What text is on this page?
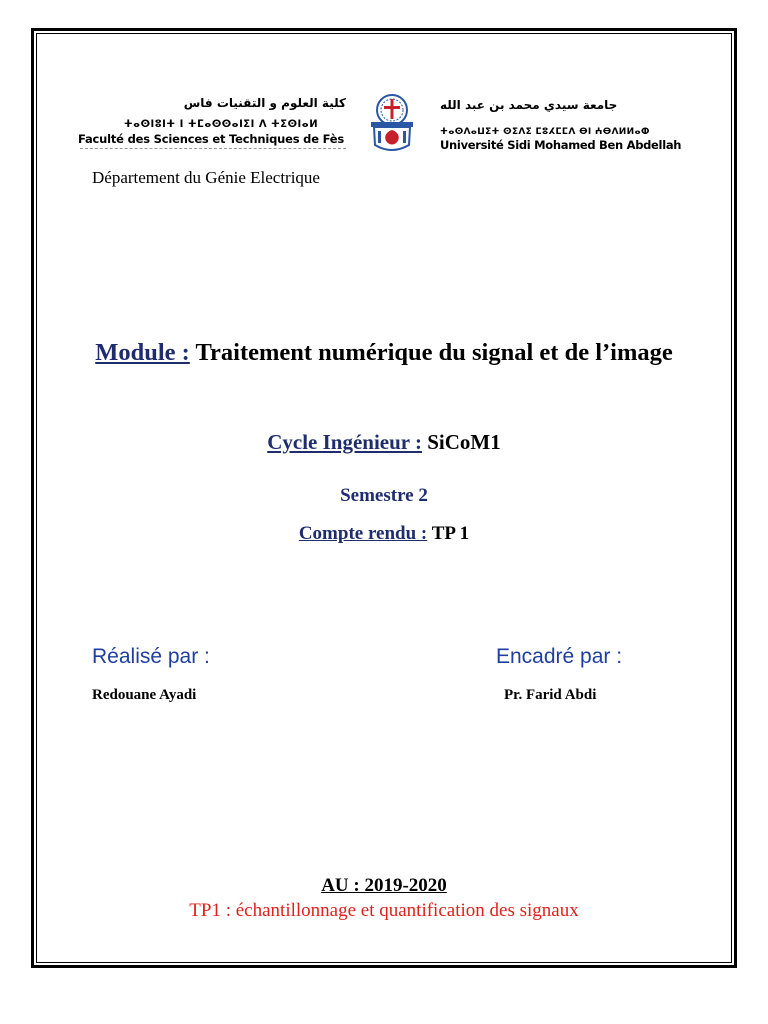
كلية العلوم و التقنيات فاس
ⵜⴰⵙⵏⵓⵏⵜ ⵏ ⵜⵎⴰⵙⵙⴰⵏⵉⵏ ⴷ ⵜⵉⵙⵏⴰⵍ
Faculté des Sciences et Techniques de Fès
جامعة سيدي محمد بن عبد الله
ⵜⴰⵙⴷⴰⵡⵉⵜ ⵙⵉⴷⵉ ⵎⵓⵃⵎⵎⴷ ⴱⵏ ⵄⴱⴷⵍⵍⴰⵀ
Université Sidi Mohamed Ben Abdellah
Département du Génie Electrique
Module : Traitement numérique du signal et de l’image
Cycle Ingénieur : SiCoM1
Semestre 2
Compte rendu : TP 1
Réalisé par :	Encadré par :
Redouane Ayadi	Pr. Farid Abdi
AU : 2019-2020
TP1 : échantillonnage et quantification des signaux
